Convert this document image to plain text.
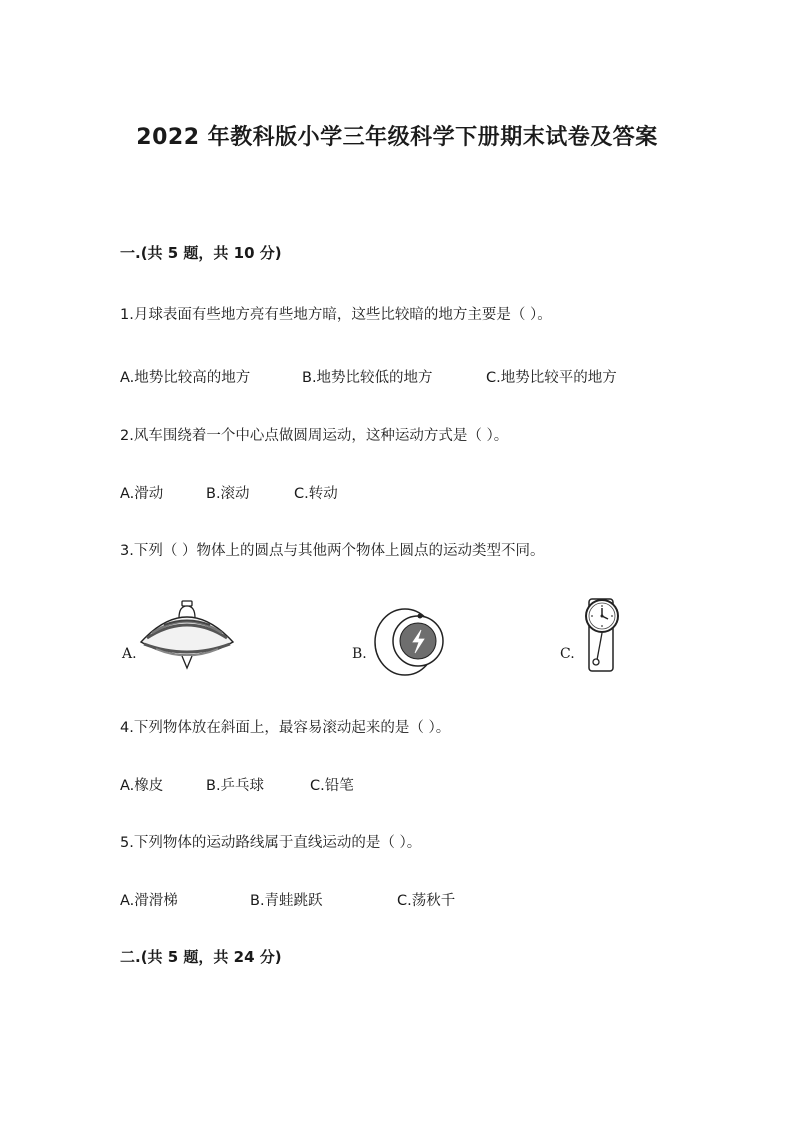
2022 年教科版小学三年级科学下册期末试卷及答案
一.(共 5 题，共 10 分)
1.月球表面有些地方亮有些地方暗，这些比较暗的地方主要是（ ）。
A.地势比较高的地方	B.地势比较低的地方	C.地势比较平的地方
2.风车围绕着一个中心点做圆周运动，这种运动方式是（ ）。
A.滑动	B.滚动	C.转动
3.下列（ ）物体上的圆点与其他两个物体上圆点的运动类型不同。
A.	B.	C.
4.下列物体放在斜面上，最容易滚动起来的是（ ）。
A.橡皮	B.乒乓球	C.铅笔
5.下列物体的运动路线属于直线运动的是（ ）。
A.滑滑梯	B.青蛙跳跃	C.荡秋千
二.(共 5 题，共 24 分)
